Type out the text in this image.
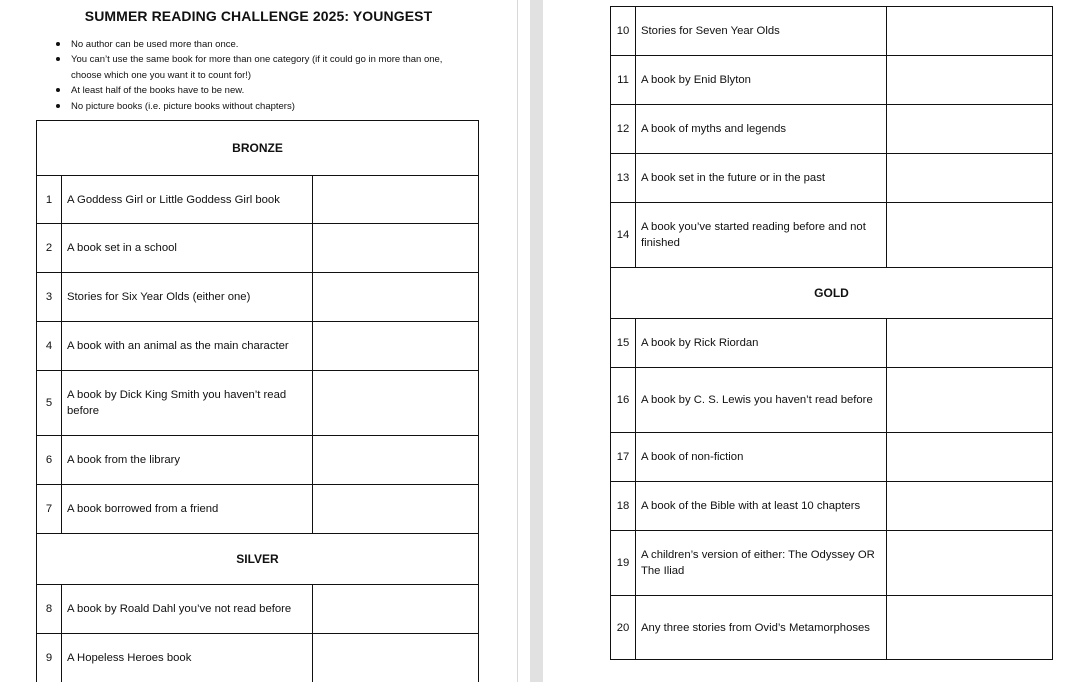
SUMMER READING CHALLENGE 2025: YOUNGEST
No author can be used more than once.
You can’t use the same book for more than one category (if it could go in more than one, choose which one you want it to count for!)
At least half of the books have to be new.
No picture books (i.e. picture books without chapters)
BRONZE		
1	A Goddess Girl or Little Goddess Girl book	
2	A book set in a school	
3	Stories for Six Year Olds (either one)	
4	A book with an animal as the main character	
5	A book by Dick King Smith you haven’t read before	
6	A book from the library	
7	A book borrowed from a friend	
SILVER		
8	A book by Roald Dahl you’ve not read before	
9	A Hopeless Heroes book	
10	Stories for Seven Year Olds	
11	A book by Enid Blyton	
12	A book of myths and legends	
13	A book set in the future or in the past	
14	A book you’ve started reading before and not finished	
GOLD		
15	A book by Rick Riordan	
16	A book by C. S. Lewis you haven’t read before	
17	A book of non-fiction	
18	A book of the Bible with at least 10 chapters	
19	A children’s version of either: The Odyssey OR The Iliad	
20	Any three stories from Ovid’s Metamorphoses	
